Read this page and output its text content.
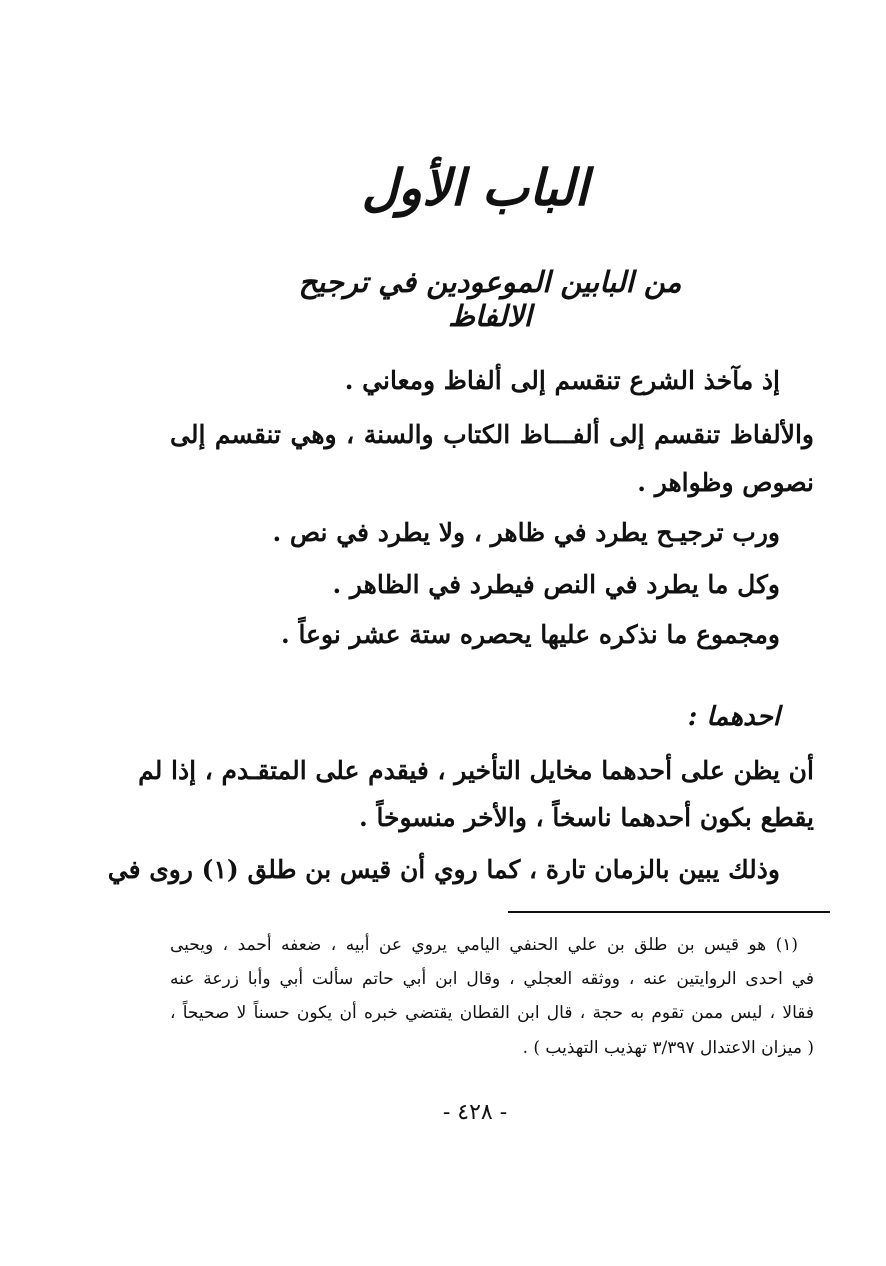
الباب الأول
من البابين الموعودين في ترجيح الالفاظ
إذ مآخذ الشرع تنقسم إلى ألفاظ ومعاني .
والألفاظ تنقسم إلى ألفـــاظ الكتاب والسنة ، وهي تنقسم إلى
نصوص وظواهر .
ورب ترجيـح يطرد في ظاهر ، ولا يطرد في نص .
وكل ما يطرد في النص فيطرد في الظاهر .
ومجموع ما نذكره عليها يحصره ستة عشر نوعاً .
احدهما :
أن يظن على أحدهما مخايل التأخير ، فيقدم على المتقـدم ، إذا لم
يقطع بكون أحدهما ناسخاً ، والأخر منسوخاً .
وذلك يبين بالزمان تارة ، كما روي أن قيس بن طلق (١) روى في
(١) هو قيس بن طلق بن علي الحنفي اليامي يروي عن أبيه ، ضعفه أحمد ، ويحيى
في احدى الروايتين عنه ، ووثقه العجلي ، وقال ابن أبي حاتم سألت أبي وأبا زرعة عنه
فقالا ، ليس ممن تقوم به حجة ، قال ابن القطان يقتضي خبره أن يكون حسناً لا صحيحاً ،
( ميزان الاعتدال ٣/٣٩٧ تهذيب التهذيب ) .
- ٤٢٨ -
